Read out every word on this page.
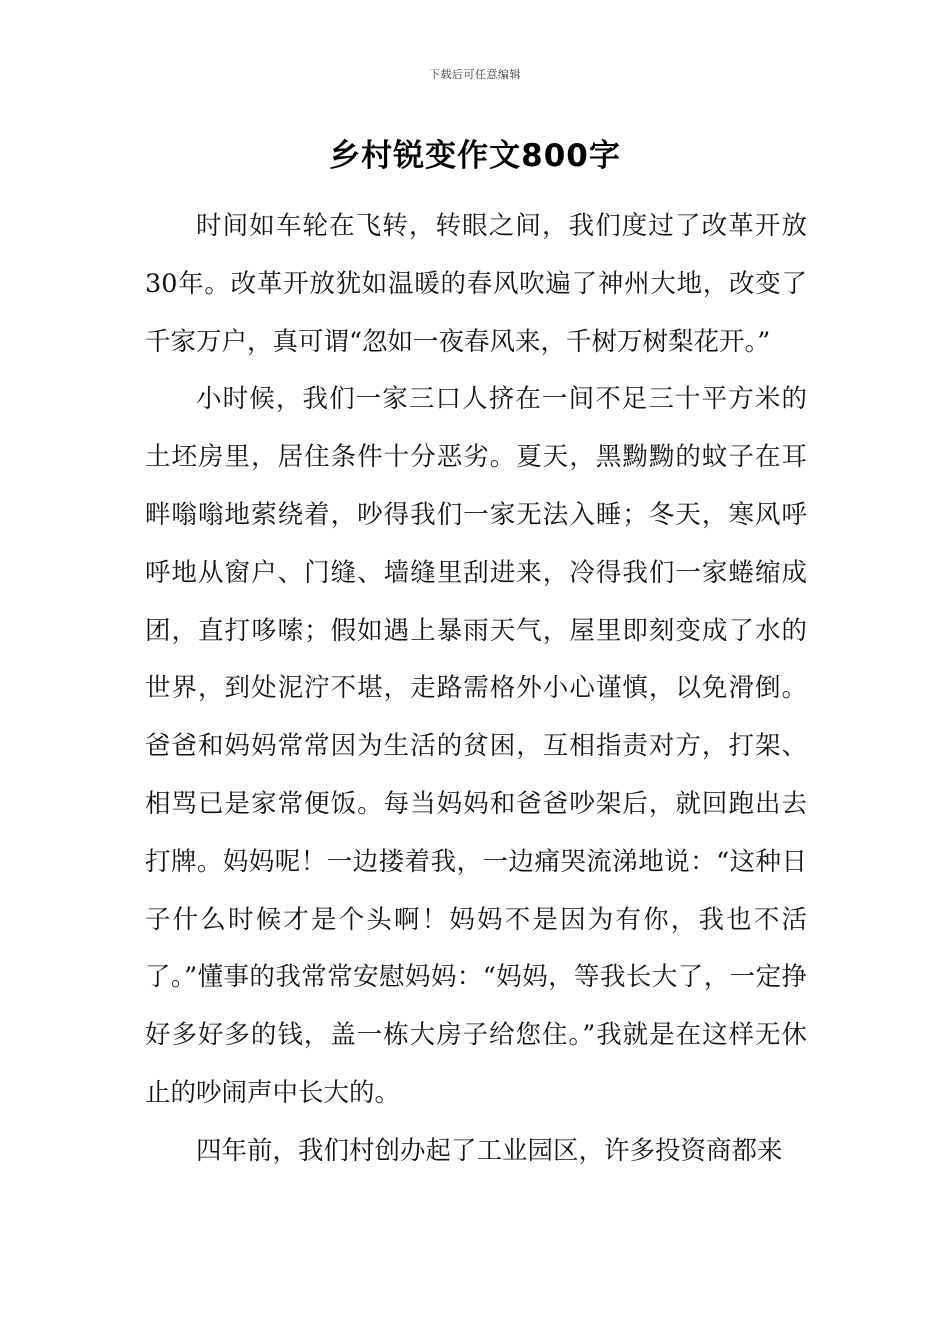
下载后可任意编辑
乡村锐变作文800字

时间如车轮在飞转，转眼之间，我们度过了改革开放30年。改革开放犹如温暖的春风吹遍了神州大地，改变了千家万户，真可谓“忽如一夜春风来，千树万树梨花开。”

小时候，我们一家三口人挤在一间不足三十平方米的土坯房里，居住条件十分恶劣。夏天，黑黝黝的蚊子在耳畔嗡嗡地萦绕着，吵得我们一家无法入睡；冬天，寒风呼呼地从窗户、门缝、墙缝里刮进来，冷得我们一家蜷缩成团，直打哆嗦；假如遇上暴雨天气，屋里即刻变成了水的世界，到处泥泞不堪，走路需格外小心谨慎，以免滑倒。爸爸和妈妈常常因为生活的贫困，互相指责对方，打架、相骂已是家常便饭。每当妈妈和爸爸吵架后，就回跑出去打牌。妈妈呢！一边搂着我，一边痛哭流涕地说：“这种日子什么时候才是个头啊！妈妈不是因为有你，我也不活了。”懂事的我常常安慰妈妈：“妈妈，等我长大了，一定挣好多好多的钱，盖一栋大房子给您住。”我就是在这样无休止的吵闹声中长大的。

四年前，我们村创办起了工业园区，许多投资商都来
